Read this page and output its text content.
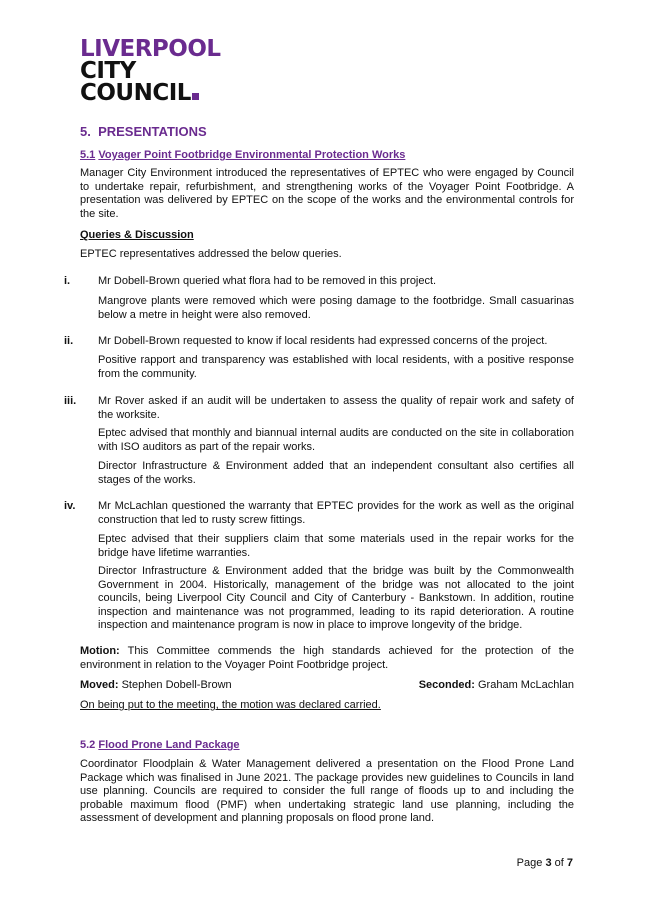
LIVERPOOL
CITY
COUNCIL
5. PRESENTATIONS
5.1 Voyager Point Footbridge Environmental Protection Works
Manager City Environment introduced the representatives of EPTEC who were engaged by Council to undertake repair, refurbishment, and strengthening works of the Voyager Point Footbridge. A presentation was delivered by EPTEC on the scope of the works and the environmental controls for the site.
Queries & Discussion
EPTEC representatives addressed the below queries.
i.	Mr Dobell-Brown queried what flora had to be removed in this project.
Mangrove plants were removed which were posing damage to the footbridge. Small casuarinas below a metre in height were also removed.
ii. Mr Dobell-Brown requested to know if local residents had expressed concerns of the project.
Positive rapport and transparency was established with local residents, with a positive response from the community.
iii. Mr Rover asked if an audit will be undertaken to assess the quality of repair work and safety of the worksite.
Eptec advised that monthly and biannual internal audits are conducted on the site in collaboration with ISO auditors as part of the repair works.
Director Infrastructure & Environment added that an independent consultant also certifies all stages of the works.
iv. Mr McLachlan questioned the warranty that EPTEC provides for the work as well as the original construction that led to rusty screw fittings.
Eptec advised that their suppliers claim that some materials used in the repair works for the bridge have lifetime warranties.
Director Infrastructure & Environment added that the bridge was built by the Commonwealth Government in 2004. Historically, management of the bridge was not allocated to the joint councils, being Liverpool City Council and City of Canterbury - Bankstown. In addition, routine inspection and maintenance was not programmed, leading to its rapid deterioration. A routine inspection and maintenance program is now in place to improve longevity of the bridge.
Motion: This Committee commends the high standards achieved for the protection of the environment in relation to the Voyager Point Footbridge project.
Moved: Stephen Dobell-Brown	Seconded: Graham McLachlan
On being put to the meeting, the motion was declared carried.
5.2 Flood Prone Land Package
Coordinator Floodplain & Water Management delivered a presentation on the Flood Prone Land Package which was finalised in June 2021. The package provides new guidelines to Councils in land use planning. Councils are required to consider the full range of floods up to and including the probable maximum flood (PMF) when undertaking strategic land use planning, including the assessment of development and planning proposals on flood prone land.
Page 3 of 7
